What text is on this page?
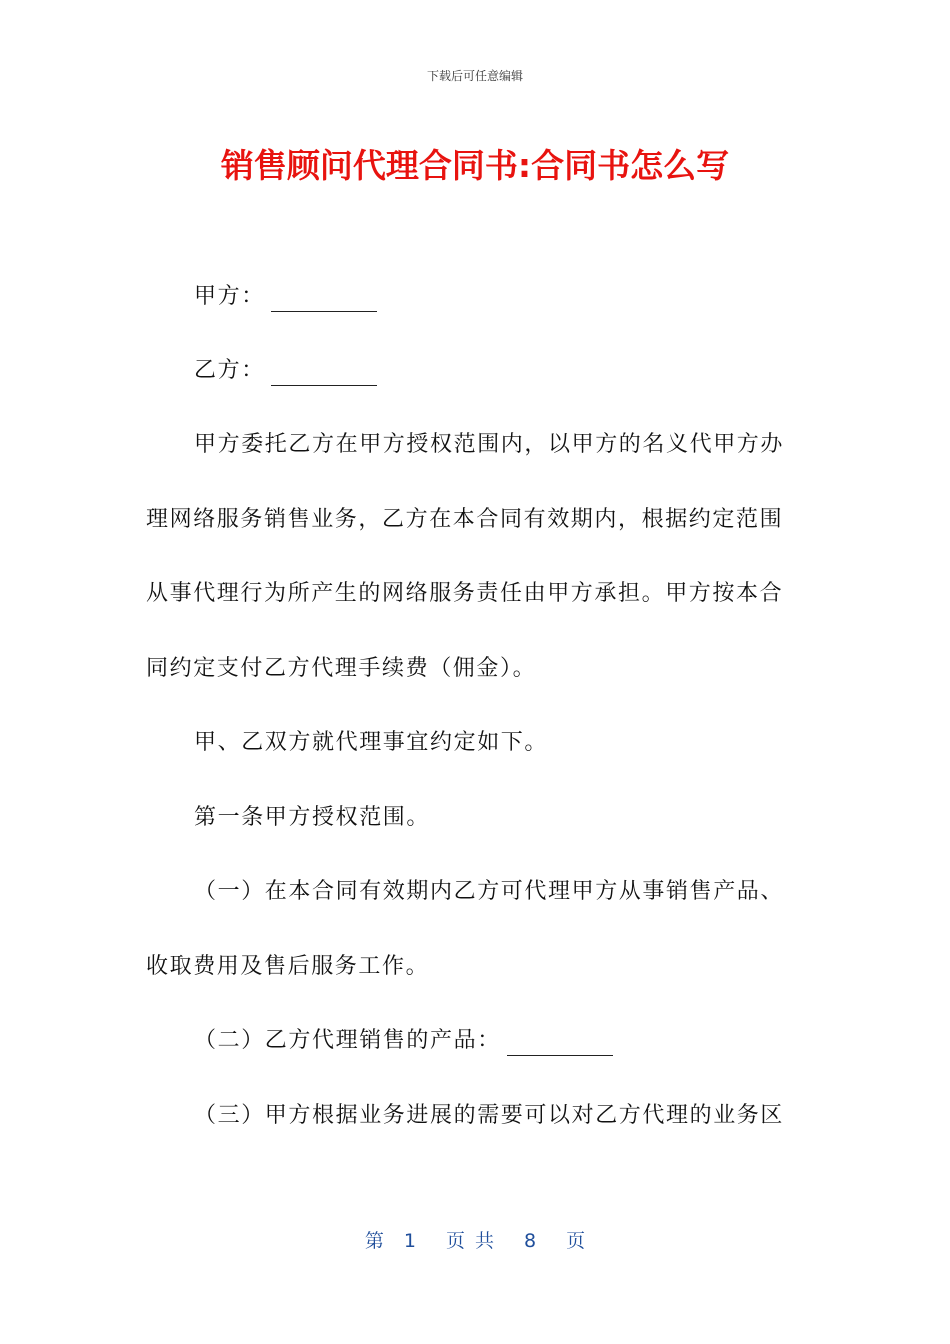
下载后可任意编辑
销售顾问代理合同书:合同书怎么写
甲方：
乙方：
甲方委托乙方在甲方授权范围内，以甲方的名义代甲方办
理网络服务销售业务，乙方在本合同有效期内，根据约定范围
从事代理行为所产生的网络服务责任由甲方承担。甲方按本合
同约定支付乙方代理手续费（佣金）。
甲、乙双方就代理事宜约定如下。
第一条甲方授权范围。
（一）在本合同有效期内乙方可代理甲方从事销售产品、
收取费用及售后服务工作。
（二）乙方代理销售的产品：
（三）甲方根据业务进展的需要可以对乙方代理的业务区
第 1 页共 8 页
